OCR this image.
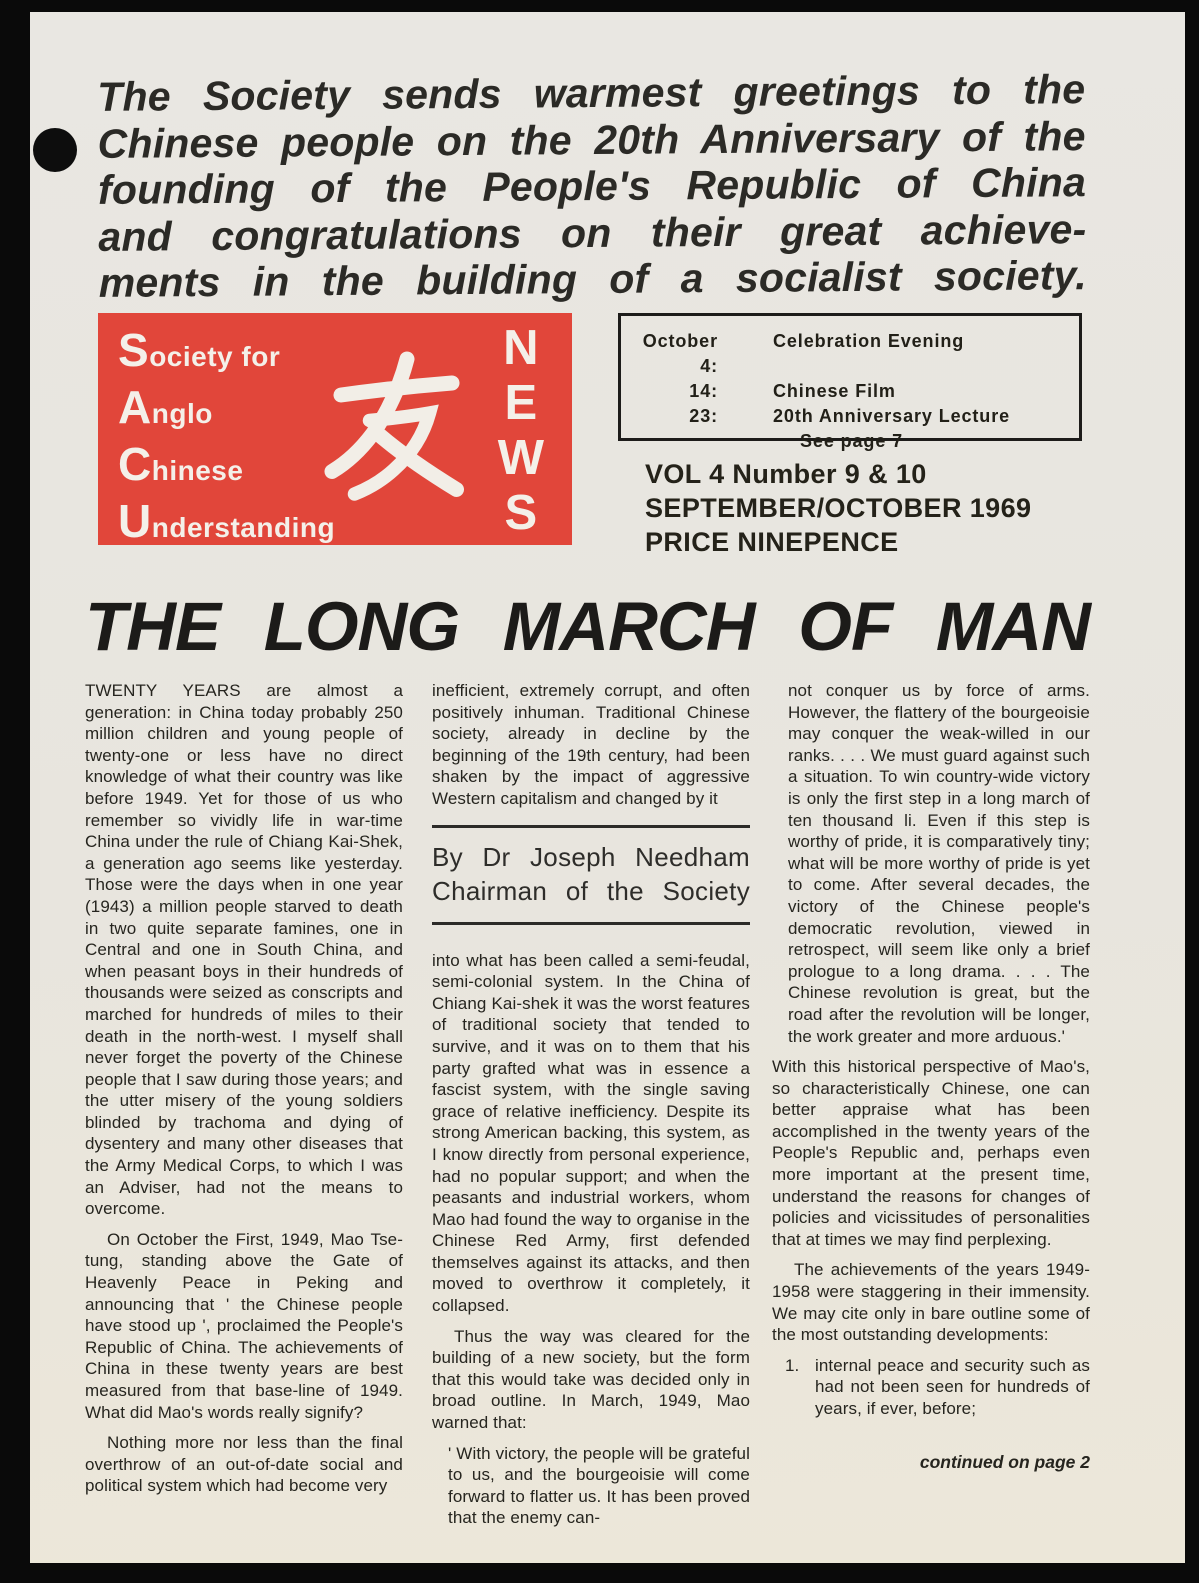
The Society sends warmest greetings to the
Chinese people on the 20th Anniversary of the
founding of the People's Republic of China
and congratulations on their great achieve-
ments in the building of a socialist society.
Society for
Anglo
Chinese
Understanding
N
E
W
S
October 4:
Celebration Evening
14:	Chinese Film
23:	20th Anniversary Lecture
See page 7
VOL 4 Number 9 & 10
SEPTEMBER/OCTOBER 1969
PRICE NINEPENCE
THE LONG MARCH OF MAN

TWENTY YEARS are almost a generation: in China today probably 250 million children and young people of twenty-one or less have no direct knowledge of what their country was like before 1949. Yet for those of us who remember so vividly life in war-time China under the rule of Chiang Kai-Shek, a generation ago seems like yesterday. Those were the days when in one year (1943) a million people starved to death in two quite separate famines, one in Central and one in South China, and when peasant boys in their hundreds of thousands were seized as conscripts and marched for hundreds of miles to their death in the north-west. I myself shall never forget the poverty of the Chinese people that I saw during those years; and the utter misery of the young soldiers blinded by trachoma and dying of dysentery and many other diseases that the Army Medical Corps, to which I was an Adviser, had not the means to overcome.

On October the First, 1949, Mao Tse-tung, standing above the Gate of Heavenly Peace in Peking and announcing that ' the Chinese people have stood up ', proclaimed the People's Republic of China. The achievements of China in these twenty years are best measured from that base-line of 1949. What did Mao's words really signify?

Nothing more nor less than the final overthrow of an out-of-date social and political system which had become very

inefficient, extremely corrupt, and often positively inhuman. Traditional Chinese society, already in decline by the beginning of the 19th century, had been shaken by the impact of aggressive Western capitalism and changed by it

By Dr Joseph Needham
Chairman of the Society

into what has been called a semi-feudal, semi-colonial system. In the China of Chiang Kai-shek it was the worst features of traditional society that tended to survive, and it was on to them that his party grafted what was in essence a fascist system, with the single saving grace of relative inefficiency. Despite its strong American backing, this system, as I know directly from personal experience, had no popular support; and when the peasants and industrial workers, whom Mao had found the way to organise in the Chinese Red Army, first defended themselves against its attacks, and then moved to overthrow it completely, it collapsed.

Thus the way was cleared for the building of a new society, but the form that this would take was decided only in broad outline. In March, 1949, Mao warned that:

' With victory, the people will be grateful to us, and the bourgeoisie will come forward to flatter us. It has been proved that the enemy can-

not conquer us by force of arms. However, the flattery of the bourgeoisie may conquer the weak-willed in our ranks. . . . We must guard against such a situation. To win country-wide victory is only the first step in a long march of ten thousand li. Even if this step is worthy of pride, it is comparatively tiny; what will be more worthy of pride is yet to come. After several decades, the victory of the Chinese people's democratic revolution, viewed in retrospect, will seem like only a brief prologue to a long drama. . . . The Chinese revolution is great, but the road after the revolution will be longer, the work greater and more arduous.'

With this historical perspective of Mao's, so characteristically Chinese, one can better appraise what has been accomplished in the twenty years of the People's Republic and, perhaps even more important at the present time, understand the reasons for changes of policies and vicissitudes of personalities that at times we may find perplexing.

The achievements of the years 1949-1958 were staggering in their immensity. We may cite only in bare outline some of the most outstanding developments:

1. internal peace and security such as had not been seen for hundreds of years, if ever, before;
continued on page 2
